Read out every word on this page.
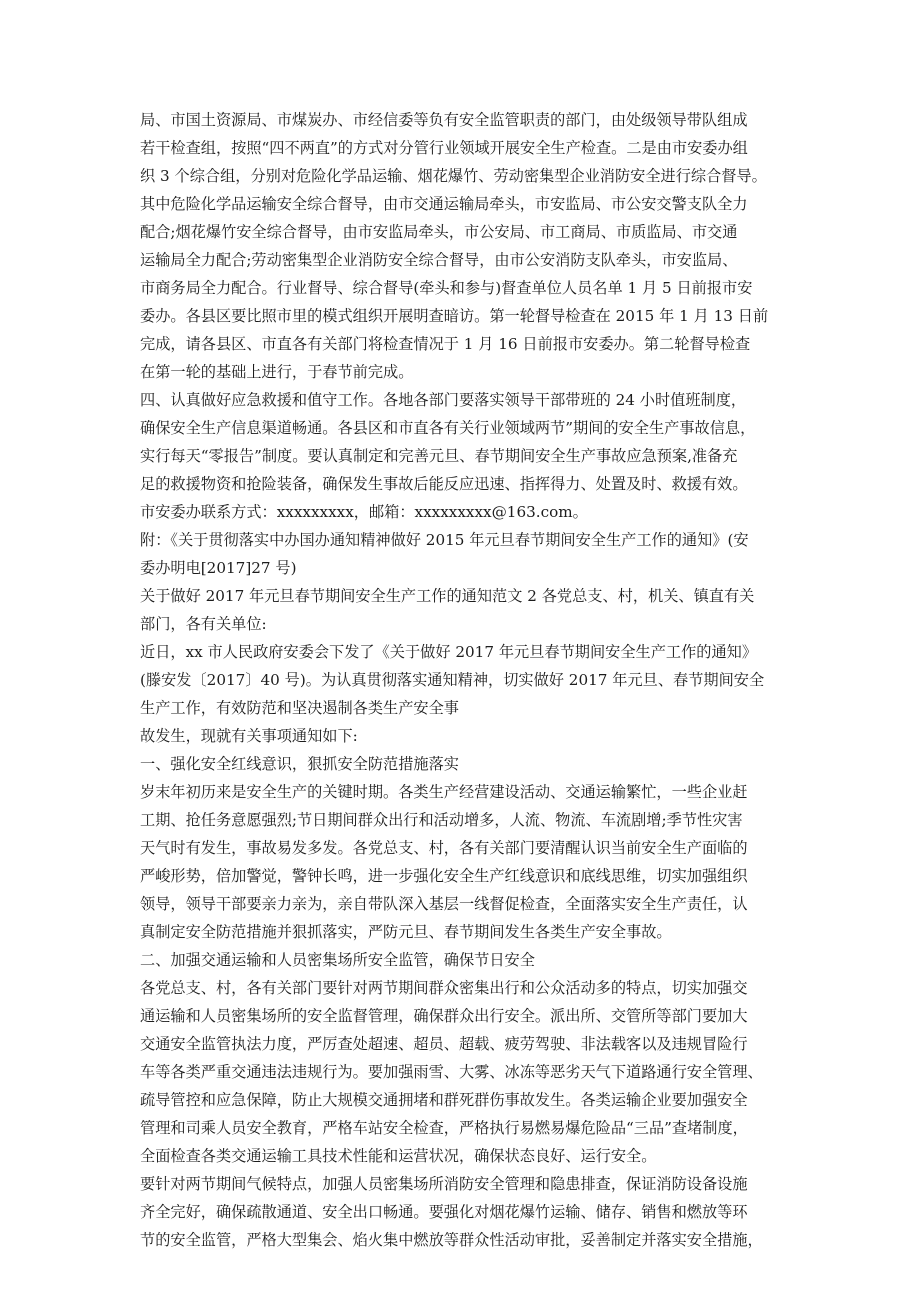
局、市国土资源局、市煤炭办、市经信委等负有安全监管职责的部门，由处级领导带队组成
若干检查组，按照“四不两直”的方式对分管行业领域开展安全生产检查。二是由市安委办组
织 3 个综合组，分别对危险化学品运输、烟花爆竹、劳动密集型企业消防安全进行综合督导。
其中危险化学品运输安全综合督导，由市交通运输局牵头，市安监局、市公安交警支队全力
配合;烟花爆竹安全综合督导，由市安监局牵头，市公安局、市工商局、市质监局、市交通
运输局全力配合;劳动密集型企业消防安全综合督导，由市公安消防支队牵头，市安监局、
市商务局全力配合。行业督导、综合督导(牵头和参与)督查单位人员名单 1 月 5 日前报市安
委办。各县区要比照市里的模式组织开展明查暗访。第一轮督导检查在 2015 年 1 月 13 日前
完成，请各县区、市直各有关部门将检查情况于 1 月 16 日前报市安委办。第二轮督导检查
在第一轮的基础上进行，于春节前完成。
四、认真做好应急救援和值守工作。各地各部门要落实领导干部带班的 24 小时值班制度，
确保安全生产信息渠道畅通。各县区和市直各有关行业领域两节”期间的安全生产事故信息，
实行每天“零报告”制度。要认真制定和完善元旦、春节期间安全生产事故应急预案,准备充
足的救援物资和抢险装备，确保发生事故后能反应迅速、指挥得力、处置及时、救援有效。
市安委办联系方式：xxxxxxxxx，邮箱：xxxxxxxxx@163.com。
附：《关于贯彻落实中办国办通知精神做好 2015 年元旦春节期间安全生产工作的通知》(安
委办明电[2017]27 号)
关于做好 2017 年元旦春节期间安全生产工作的通知范文 2 各党总支、村，机关、镇直有关
部门，各有关单位:
近日，xx 市人民政府安委会下发了《关于做好 2017 年元旦春节期间安全生产工作的通知》
(滕安发〔2017〕40 号)。为认真贯彻落实通知精神，切实做好 2017 年元旦、春节期间安全
生产工作，有效防范和坚决遏制各类生产安全事
故发生，现就有关事项通知如下:
一、强化安全红线意识，狠抓安全防范措施落实
岁末年初历来是安全生产的关键时期。各类生产经营建设活动、交通运输繁忙，一些企业赶
工期、抢任务意愿强烈;节日期间群众出行和活动增多，人流、物流、车流剧增;季节性灾害
天气时有发生，事故易发多发。各党总支、村，各有关部门要清醒认识当前安全生产面临的
严峻形势，倍加警觉，警钟长鸣，进一步强化安全生产红线意识和底线思维，切实加强组织
领导，领导干部要亲力亲为，亲自带队深入基层一线督促检查，全面落实安全生产责任，认
真制定安全防范措施并狠抓落实，严防元旦、春节期间发生各类生产安全事故。
二、加强交通运输和人员密集场所安全监管，确保节日安全
各党总支、村，各有关部门要针对两节期间群众密集出行和公众活动多的特点，切实加强交
通运输和人员密集场所的安全监督管理，确保群众出行安全。派出所、交管所等部门要加大
交通安全监管执法力度，严厉查处超速、超员、超载、疲劳驾驶、非法载客以及违规冒险行
车等各类严重交通违法违规行为。要加强雨雪、大雾、冰冻等恶劣天气下道路通行安全管理、
疏导管控和应急保障，防止大规模交通拥堵和群死群伤事故发生。各类运输企业要加强安全
管理和司乘人员安全教育，严格车站安全检查，严格执行易燃易爆危险品“三品”查堵制度，
全面检查各类交通运输工具技术性能和运营状况，确保状态良好、运行安全。
要针对两节期间气候特点，加强人员密集场所消防安全管理和隐患排查，保证消防设备设施
齐全完好，确保疏散通道、安全出口畅通。要强化对烟花爆竹运输、储存、销售和燃放等环
节的安全监管，严格大型集会、焰火集中燃放等群众性活动审批，妥善制定并落实安全措施，
